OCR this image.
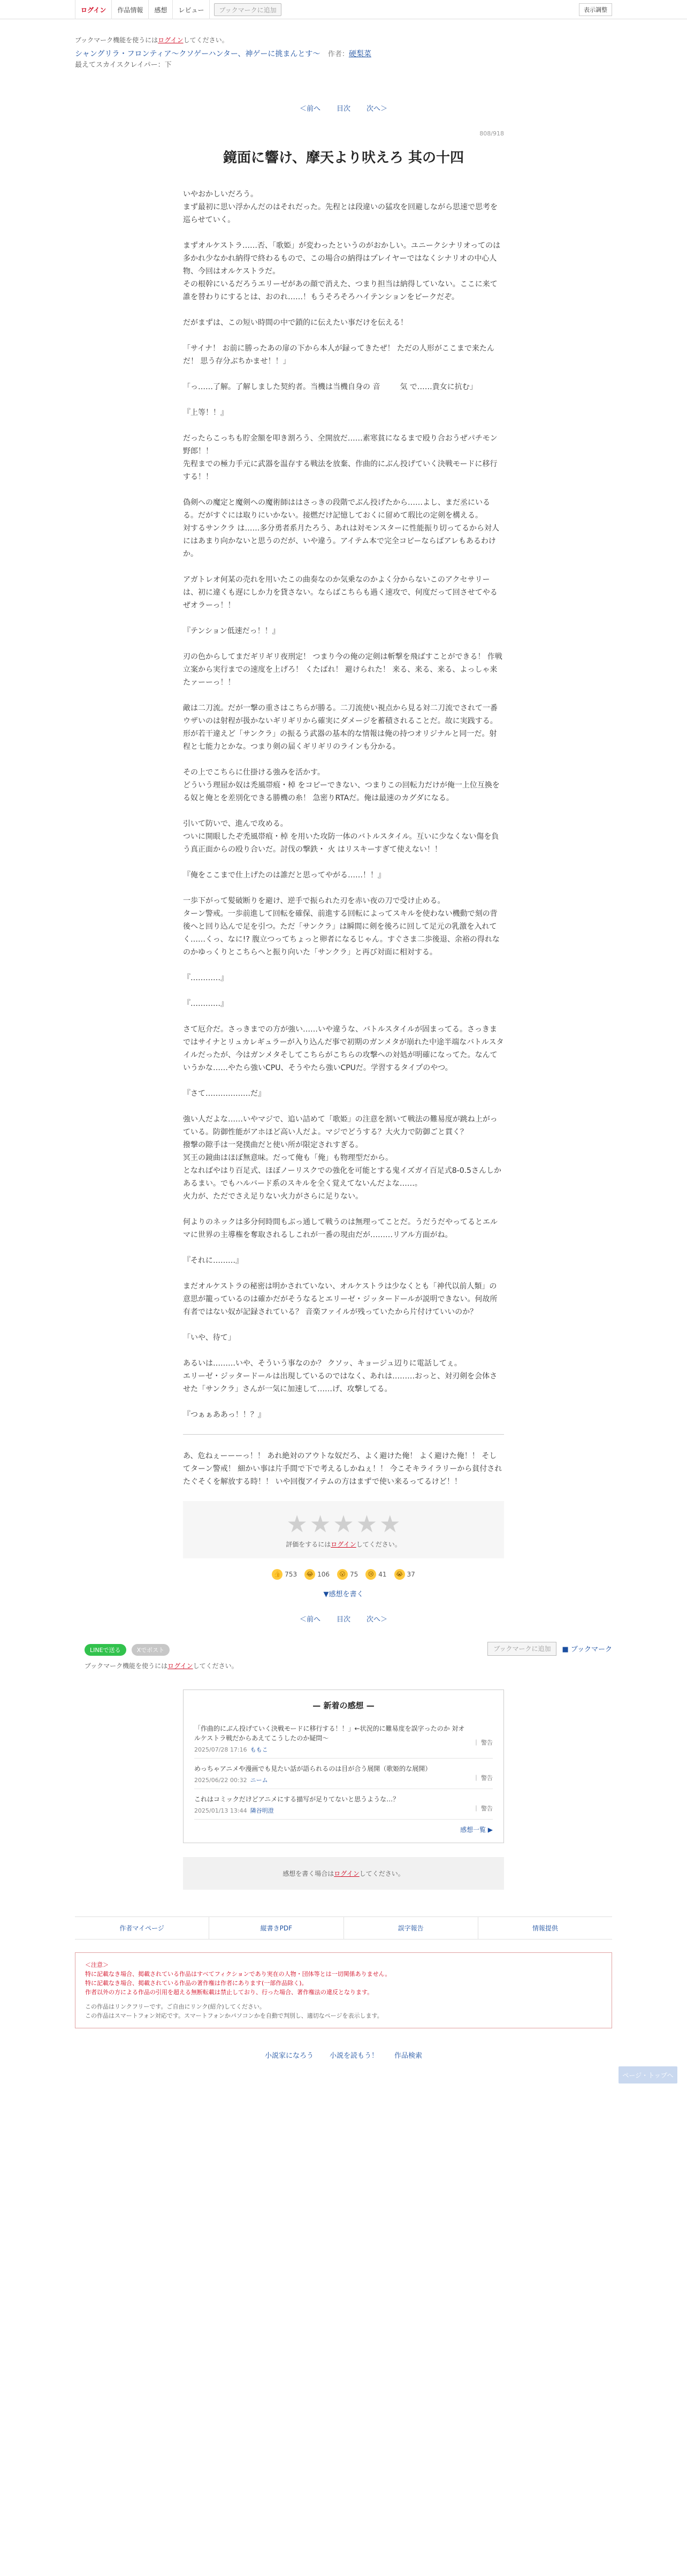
ログイン	作品情報	感想	レビュー	ブックマークに追加	表示調整
ブックマーク機能を使うにはログインしてください。
シャングリラ・フロンティア〜クソゲーハンター、神ゲーに挑まんとす〜 作者：硬梨菜
最えてスカイスクレイパー：下
＜前へ 目次 次へ＞
808/918
鏡面に響け、摩天より吠えろ 其の十四

いやおかしいだろう。
まず最初に思い浮かんだのはそれだった。先程とは段違いの猛攻を回避しながら思速で思考を巡らせていく。

まずオルケストラ……否、「歌姫」が変わったというのがおかしい。ユニークシナリオってのは多かれ少なかれ納得で終わるもので、この場合の納得はプレイヤーではなくシナリオの中心人物、今回はオルケストラだ。
その根幹にいるだろうエリーゼがあの顔で消えた、つまり担当は納得していない。ここに来て誰を替わりにするとは、おのれ……！もうそろそろハイテンションをピークだぞ。

だがまずは、この短い時間の中で鎖的に伝えたい事だけを伝える！

「サイナ！ お前に勝ったあの扉の下から本人が録ってきたぜ！ ただの人形がここまで来たんだ！ 思う存分ぶちかませ！！」

「っ……了解。了解しました契約者。当機は当機自身の 音 　　 気 で……貴女に抗む」

『上等！！』

だったらこっちも貯金額を叩き割ろう、全開放だ……素寒貧になるまで殴り合おうぜパチモン野郎！！
先程までの極力手元に武器を温存する戦法を放棄、作曲的にぶん投げていく決戦モードに移行する！！

偽剣への魔定と魔剣への魔術師ははさっきの段階でぶん投げたから……よし、まだ丞にいるる。だがすぐには取りにいかない。接燃だけ記憶しておくに留めて瑕比の定剣を構える。
対するサンクラ は……多分勇者系月たろう、あれは対モンスターに性能振り切ってるから対人にはあまり向かないと思うのだが、いや違う。アイテム本で完全コピーならばアレもあるわけか。

アガトレオ何某の売れを用いたこの曲奏なのか気乗なのかよく分からないこのアクセサリーは、初に違くも遅にしか力を貸さない。ならばこちらも過く速攻で、何度だって回させてやるぜオラーっ！！

『テンション低速だっ！！』

刃の色からしてまだギリギリ夜刑定！ つまり今の俺の定剣は斬撃を飛ばすことができる！ 作戦立案から実行までの速度を上げろ！ くたばれ！ 避けられた！ 来る、来る、来る、よっしゃ来たァーーっ！！

敵は二刀流。だが一撃の重さはこちらが勝る。二刀流使い視点から見る対二刀流でされて一番ウザいのは射程が扱かないギリギリから確実にダメージを蓄積されることだ。故に実践する。
形が若干違えど「サンクラ」の振るう武器の基本的な情報は俺の持つオリジナルと同一だ。射程と七能力とかな。つまり剣の届くギリギリのラインも分かる。

その上でこちらに仕掛ける強みを活かす。
どういう理屈か奴は禿風帯痕・棹 をコピーできない、つまりこの回転力だけが俺一上位互換をる奴と俺とを差別化できる勝機の糸！ 急密りRTAだ。俺は最速のカグダになる。

引いて防いで、進んで攻める。
ついに開眼したぞ禿風帯痕・棹 を用いた攻防一体のバトルスタイル。互いに少なくない傷を負う真正面からの殴り合いだ。討伐の撃鉄・ 火 はリスキーすぎて使えない！！

『俺をここまで仕上げたのは誰だと思ってやがる……！！』

一歩下がって髪破断りを避け、逆手で振られた刃を赤い夜の刀で受け止める。
ターン警戒。一歩前進して回転を確保、前進する回転によってスキルを使わない機動で刻の背後へと回り込んで足を引つ。ただ「サンクラ」は瞬間に剣を後ろに回して足元の乳激を入れてく……くっ、なに!? 腹立つってちょっと卵者になるじゃん。すぐさま二歩後退、余裕の得れなのかゆっくりとこちらへと振り向いた「サンクラ」と再び対面に相対する。

『…………』

『…………』

さて厄介だ。さっきまでの方が強い……いや違うな、バトルスタイルが固まってる。さっきまではサイナとリュカレギュラーが入り込んだ事で初期のガンメタが崩れた中途半端なバトルスタイルだったが、今はガンメタそしてこちらがこちらの攻撃への対処が明確になってた。なんていうかな……やたら強いCPU、そうやたら強いCPUだ。学習するタイプのやつ。

『さて………………だ』

強い人だよな……いやマジで、追い詰めて「歌姫」の注意を割いて戦法の難易度が跳ね上がっている。防御性能がアホほど高い人だよ。マジでどうする？大火力で防御ごと貫く？
撥撃の隙手は一発撲曲だと使い所が限定されすぎる。
冥王の鏡曲はほぼ無意味。だって俺も「俺」も物理型だから。
となればやはり百足式、ほぼノーリスクでの強化を可能とする鬼イズガイ百足式8-0.5さんしかあるまい。でもハルバード系のスキルを全く覚えてないんだよな……。
火力が、ただでさえ足りない火力がさらに足りない。

何よりのネックは多分何時間もぶっ通して戦うのは無理ってことだ。うだうだやってるとエルマに世界の主導権を奪取されるしこれが一番の現由だが………リアル方面がね。

『それに………』

まだオルケストラの秘密は明かされていない、オルケストラは少なくとも「神代以前人類」の意思が籠っているのは確かだがそうなるとエリーゼ・ジッタードールが説明できない。何故所有者ではない奴が記録されている？ 音楽ファイルが残っていたから片付けていいのか？

「いや、待て」

あるいは………いや、そういう事なのか？ クソッ、キョージュ辺りに電話してぇ。
エリーゼ・ジッタードールは出現しているのではなく、あれは………おっと、対刃剣を会体させた「サンクラ」さんが一気に加速して……げ、攻撃してる。

『つぁぁああっ！！？』

あ、危ねぇーーーっ！！ あれ絶対のアウトな奴だろ、よく避けた俺！ よく避けた俺！！ そしてターン警戒！ 細かい事は片手間で下で考えるしかねぇ！！ 今こそキライラリーから貧付されたぐそくを解放する時！！ いや回復アイテムの方はまずで使い来るってるけど！！

★ ★ ★ ★ ★
評価をするにはログインしてください。
👍 753	😂 106	😮 75	😢 41	😭 37
▼感想を書く
＜前へ 目次 次へ＞
ページ・トップへ
LINEで送る	Xでポスト	ブックマークに追加	■ ブックマーク
ブックマーク機能を使うにはログインしてください。
— 新着の感想 —
「作曲的にぶん投げていく決戦モードに移行する！！」←状況的に難易度を誤字ったのか 対オルケストラ戦だからあえてこうしたのか疑問〜
2025/07/28 17:16 ももこ
｜ 警告
めっちゃアニメや漫画でも見たい話が語られるのは目が合う展開（歌姫的な展開）
2025/06/22 00:32 ニーム	｜ 警告
これはコミックだけどアニメにする描写が足りてないと思うような…？
2025/01/13 13:44 隣谷明澄	｜ 警告
感想一覧 ▶
感想を書く場合はログインしてください。
作者マイページ	縦書きPDF	誤字報告	情報提供
＜注意＞
特に記載なき場合、掲載されている作品はすべてフィクションであり実在の人物・団体等とは一切関係ありません。
特に記載なき場合、掲載されている作品の著作権は作者にあります(一部作品除く)。
作者以外の方による作品の引用を超える無断転載は禁止しており、行った場合、著作権法の違反となります。
この作品はリンクフリーです。ご自由にリンク(紹介)してください。
この作品はスマートフォン対応です。スマートフォンかパソコンかを自動で判別し、適切なページを表示します。
小説家になろう 小説を読もう！ 作品検索
